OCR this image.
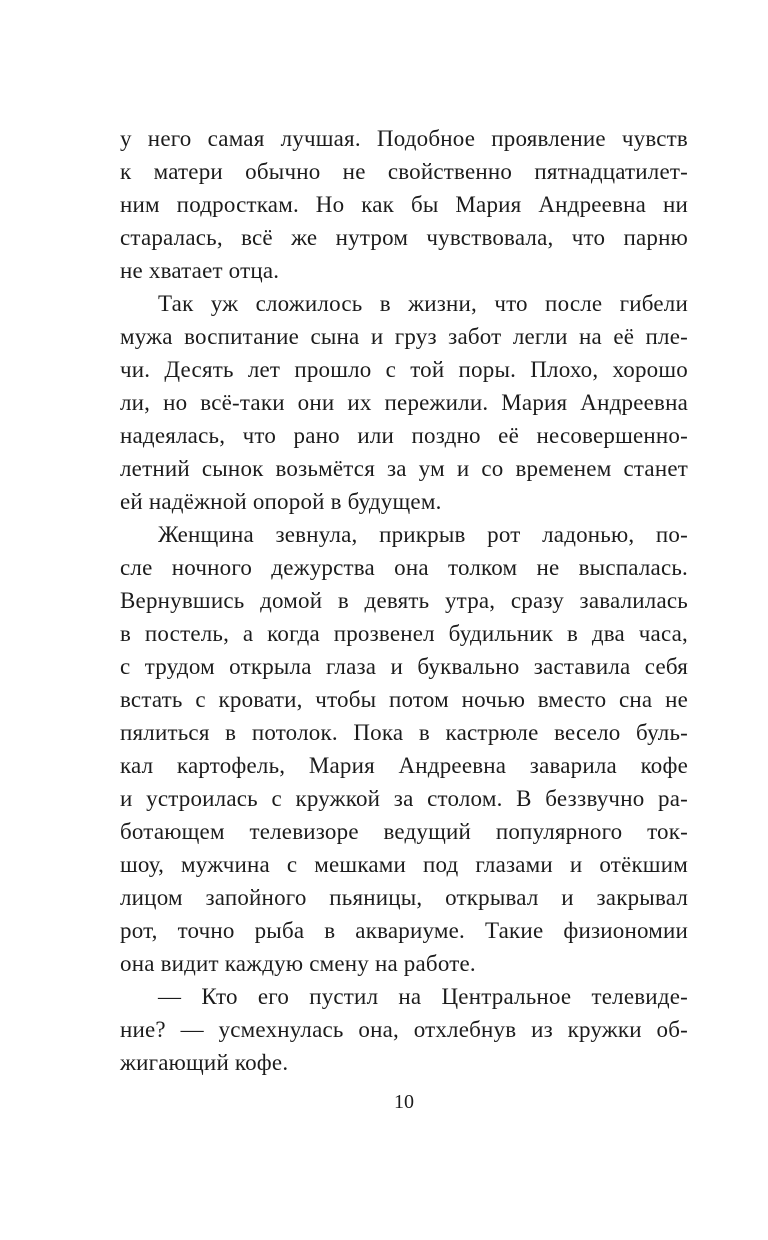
у него самая лучшая. Подобное проявление чувств
к матери обычно не свойственно пятнадцатилет-
ним подросткам. Но как бы Мария Андреевна ни
старалась, всё же нутром чувствовала, что парню
не хватает отца.
Так уж сложилось в жизни, что после гибели
мужа воспитание сына и груз забот легли на её пле-
чи. Десять лет прошло с той поры. Плохо, хорошо
ли, но всё-таки они их пережили. Мария Андреевна
надеялась, что рано или поздно её несовершенно-
летний сынок возьмётся за ум и со временем станет
ей надёжной опорой в будущем.
Женщина зевнула, прикрыв рот ладонью, по-
сле ночного дежурства она толком не выспалась.
Вернувшись домой в девять утра, сразу завалилась
в постель, а когда прозвенел будильник в два часа,
с трудом открыла глаза и буквально заставила себя
встать с кровати, чтобы потом ночью вместо сна не
пялиться в потолок. Пока в кастрюле весело буль-
кал картофель, Мария Андреевна заварила кофе
и устроилась с кружкой за столом. В беззвучно ра-
ботающем телевизоре ведущий популярного ток-
шоу, мужчина с мешками под глазами и отёкшим
лицом запойного пьяницы, открывал и закрывал
рот, точно рыба в аквариуме. Такие физиономии
она видит каждую смену на работе.
— Кто его пустил на Центральное телевиде-
ние? — усмехнулась она, отхлебнув из кружки об-
жигающий кофе.
10
